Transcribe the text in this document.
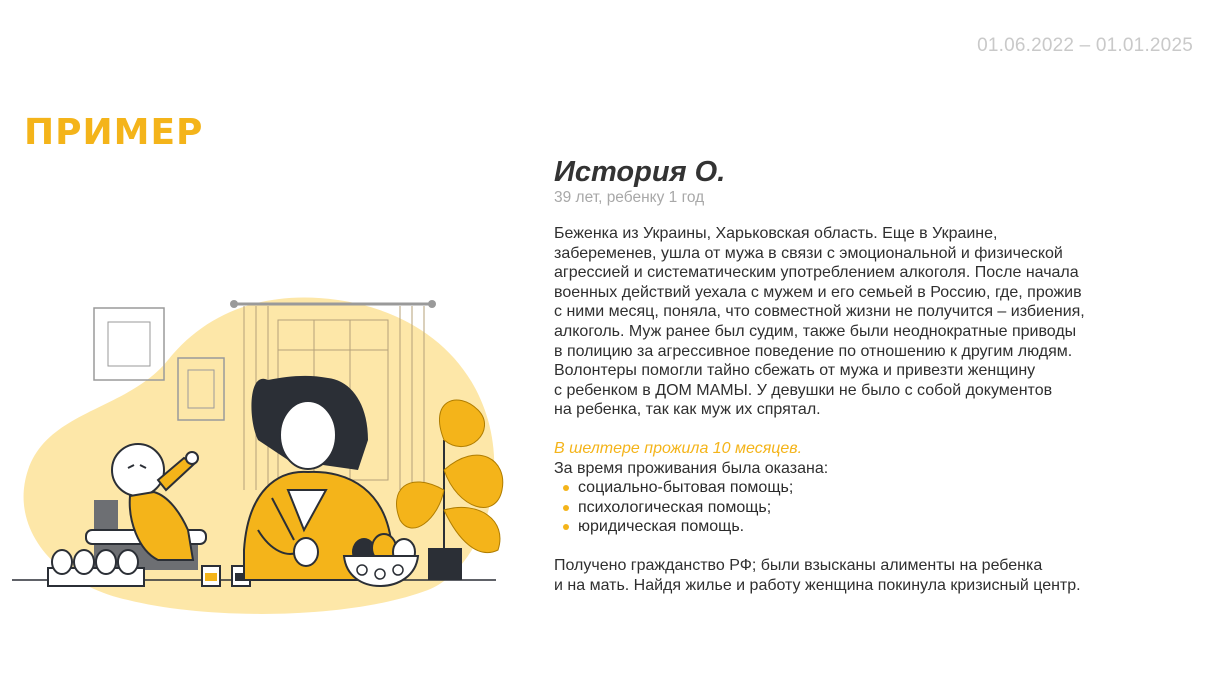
01.06.2022 – 01.01.2025
ПРИМЕР
История О.

39 лет, ребенку 1 год

Беженка из Украины, Харьковская область. Еще в Украине,
забеременев, ушла от мужа в связи с эмоциональной и физической
агрессией и систематическим употреблением алкоголя. После начала
военных действий уехала с мужем и его семьей в Россию, где, прожив
с ними месяц, поняла, что совместной жизни не получится – избиения,
алкоголь. Муж ранее был судим, также были неоднократные приводы
в полицию за агрессивное поведение по отношению к другим людям.
Волонтеры помогли тайно сбежать от мужа и привезти женщину
с ребенком в ДОМ МАМЫ. У девушки не было с собой документов
на ребенка, так как муж их спрятал.

В шелтере прожила 10 месяцев.

За время проживания была оказана:

социально-бытовая помощь;
психологическая помощь;
юридическая помощь.

Получено гражданство РФ; были взысканы алименты на ребенка
и на мать. Найдя жилье и работу женщина покинула кризисный центр.
